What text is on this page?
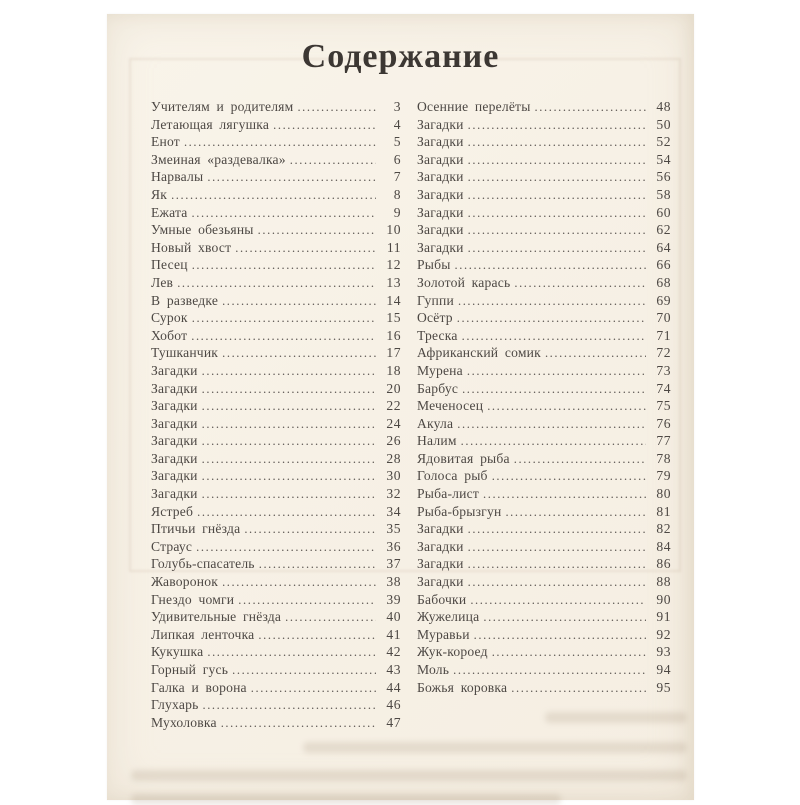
Содержание
Учителям и родителям .....	3
Летающая лягушка .....	4
Енот .....	5
Змеиная «раздевалка» .....	6
Нарвалы .....	7
Як .....	8
Ежата .....	9
Умные обезьяны .....	10
Новый хвост .....	11
Песец .....	12
Лев .....	13
В разведке .....	14
Сурок .....	15
Хобот .....	16
Тушканчик .....	17
Загадки .....	18
Загадки .....	20
Загадки .....	22
Загадки .....	24
Загадки .....	26
Загадки .....	28
Загадки .....	30
Загадки .....	32
Ястреб .....	34
Птичьи гнёзда .....	35
Страус .....	36
Голубь-спасатель .....	37
Жаворонок .....	38
Гнездо чомги .....	39
Удивительные гнёзда .....	40
Липкая ленточка .....	41
Кукушка .....	42
Горный гусь .....	43
Галка и ворона .....	44
Глухарь .....	46
Мухоловка .....	47
Осенние перелёты .....	48
Загадки .....	50
Загадки .....	52
Загадки .....	54
Загадки .....	56
Загадки .....	58
Загадки .....	60
Загадки .....	62
Загадки .....	64
Рыбы .....	66
Золотой карась .....	68
Гуппи .....	69
Осётр .....	70
Треска .....	71
Африканский сомик .....	72
Мурена .....	73
Барбус .....	74
Меченосец .....	75
Акула .....	76
Налим .....	77
Ядовитая рыба .....	78
Голоса рыб .....	79
Рыба-лист .....	80
Рыба-брызгун .....	81
Загадки .....	82
Загадки .....	84
Загадки .....	86
Загадки .....	88
Бабочки .....	90
Жужелица .....	91
Муравьи .....	92
Жук-короед .....	93
Моль .....	94
Божья коровка .....	95
